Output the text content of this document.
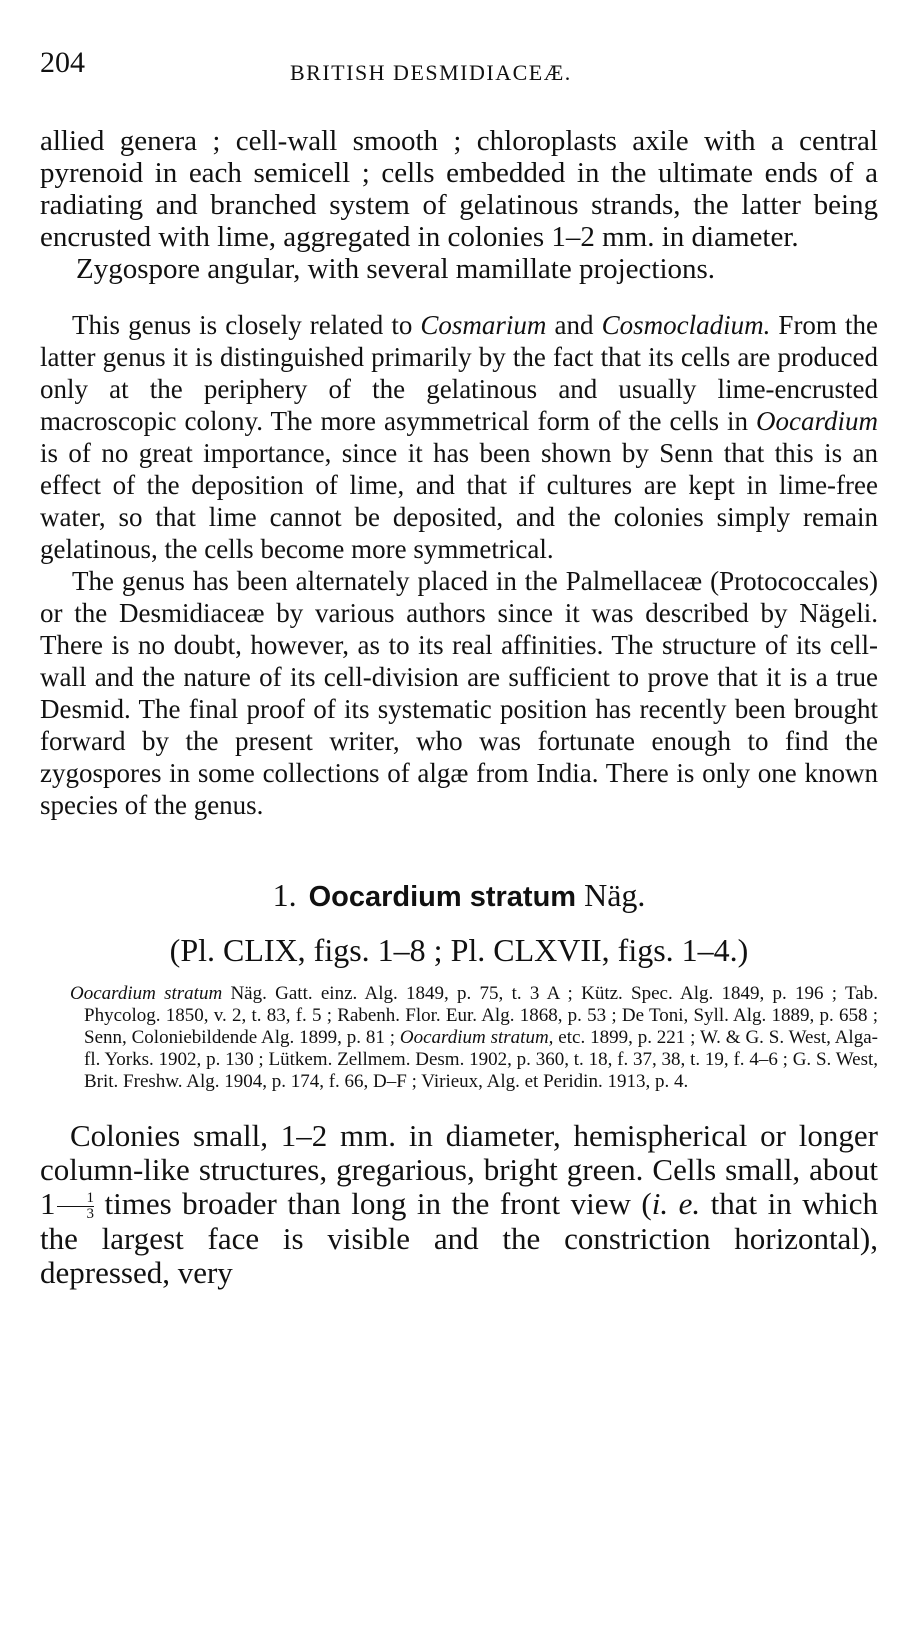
204	BRITISH DESMIDIACEÆ.

allied genera ; cell-wall smooth ; chloroplasts axile with a central pyrenoid in each semicell ; cells embedded in the ultimate ends of a radiating and branched system of gelatinous strands, the latter being encrusted with lime, aggregated in colonies 1–2 mm. in diameter.

Zygospore angular, with several mamillate projections.

This genus is closely related to Cosmarium and Cosmocladium. From the latter genus it is distinguished primarily by the fact that its cells are produced only at the periphery of the gelatinous and usually lime-encrusted macroscopic colony. The more asymmetrical form of the cells in Oocardium is of no great importance, since it has been shown by Senn that this is an effect of the deposition of lime, and that if cultures are kept in lime-free water, so that lime cannot be deposited, and the colonies simply remain gelatinous, the cells become more symmetrical.

The genus has been alternately placed in the Palmellaceæ (Protococcales) or the Desmidiaceæ by various authors since it was described by Nägeli. There is no doubt, however, as to its real affinities. The structure of its cell-wall and the nature of its cell-division are sufficient to prove that it is a true Desmid. The final proof of its systematic position has recently been brought forward by the present writer, who was fortunate enough to find the zygospores in some collections of algæ from India. There is only one known species of the genus.

1. Oocardium stratum Näg.
(Pl. CLIX, figs. 1–8 ; Pl. CLXVII, figs. 1–4.)

Oocardium stratum Näg. Gatt. einz. Alg. 1849, p. 75, t. 3 A ; Kütz. Spec. Alg. 1849, p. 196 ; Tab. Phycolog. 1850, v. 2, t. 83, f. 5 ; Rabenh. Flor. Eur. Alg. 1868, p. 53 ; De Toni, Syll. Alg. 1889, p. 658 ; Senn, Coloniebildende Alg. 1899, p. 81 ; Oocardium stratum, etc. 1899, p. 221 ; W. & G. S. West, Alga-fl. Yorks. 1902, p. 130 ; Lütkem. Zellmem. Desm. 1902, p. 360, t. 18, f. 37, 38, t. 19, f. 4–6 ; G. S. West, Brit. Freshw. Alg. 1904, p. 174, f. 66, D–F ; Virieux, Alg. et Peridin. 1913, p. 4.

Colonies small, 1–2 mm. in diameter, hemispherical or longer column-like structures, gregarious, bright green. Cells small, about $1 \frac{1}{3}$ times broader than long in the front view (i. e. that in which the largest face is visible and the constriction horizontal), depressed, very
